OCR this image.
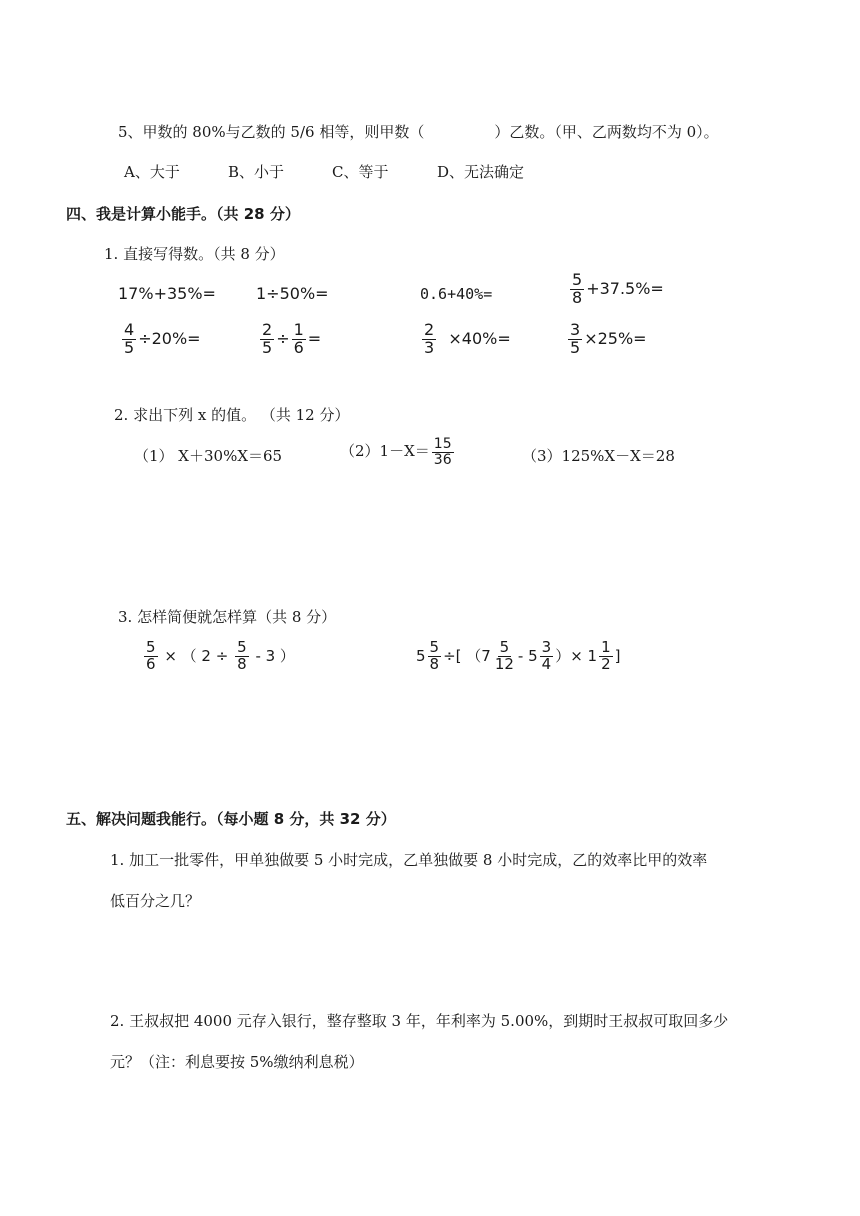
5、甲数的 80%与乙数的 5/6 相等，则甲数（	）乙数。（甲、乙两数均不为 0）。
A、大于	B、小于	C、等于	D、无法确定
四、我是计算小能手。（共 28 分）
1. 直接写得数。（共 8 分）
17%+35%=	1÷50%=	0.6+40%=	$\frac{5}{8} +37.5\%=$
$\frac{4}{5} \div 20\%=$	$\frac{2}{5} \div \frac{1}{6}$ =	$\frac{2}{3} \times 40\%=$	$\frac{3}{5} \times 25\%=$
2. 求出下列 x 的值。 （共 12 分）
（1） X＋30%X＝65	$(2)1-X= \frac{15}{36}$	（3）125%X－X＝28
3. 怎样简便就怎样算（共 8 分）
$\frac{5}{6}$ × （ $2 \div \frac{5}{8} - 3$ ）	$5 \frac{5}{8}$ ÷[ （$7 \frac{5}{12} - 5 \frac{3}{4}$ ）× $1 \frac{1}{2}$ ]
五、解决问题我能行。（每小题 8 分，共 32 分）
1. 加工一批零件，甲单独做要 5 小时完成，乙单独做要 8 小时完成，乙的效率比甲的效率
低百分之几？
2. 王叔叔把 4000 元存入银行，整存整取 3 年，年利率为 5.00%，到期时王叔叔可取回多少
元？（注：利息要按 5%缴纳利息税）
